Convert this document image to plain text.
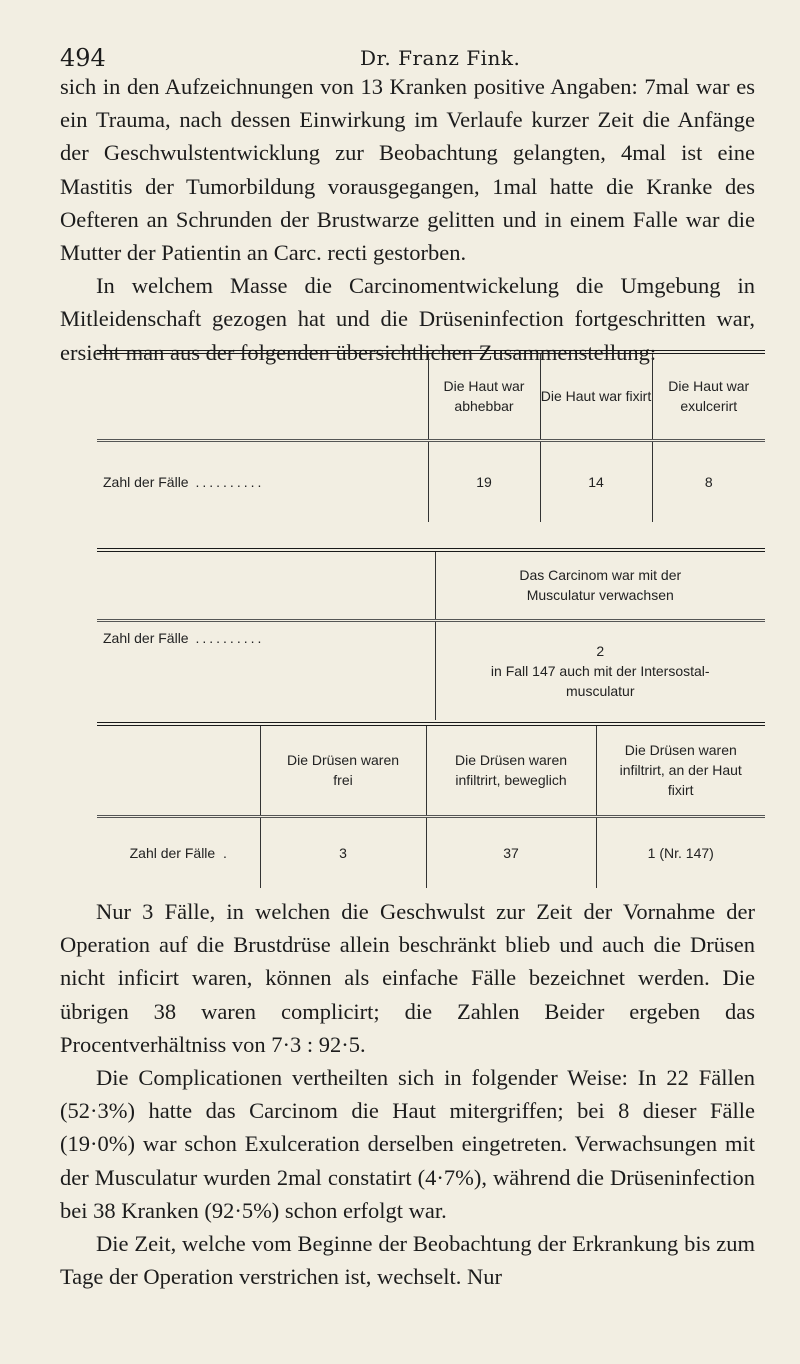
494	Dr. Franz Fink.

sich in den Aufzeichnungen von 13 Kranken positive Angaben: 7mal war es ein Trauma, nach dessen Einwirkung im Verlaufe kurzer Zeit die Anfänge der Geschwulstentwicklung zur Beobachtung gelangten, 4mal ist eine Mastitis der Tumorbildung vorausgegangen, 1mal hatte die Kranke des Oefteren an Schrunden der Brustwarze gelitten und in einem Falle war die Mutter der Patientin an Carc. recti gestorben.

In welchem Masse die Carcinomentwickelung die Umgebung in Mitleidenschaft gezogen hat und die Drüseninfection fortgeschritten war, ersieht man aus der folgenden übersichtlichen Zusammenstellung:

	Die Haut war abhebbar	Die Haut war fixirt	Die Haut war exulcerirt
Zahl der Fälle ..........	19	14	8
	Das Carcinom war mit der Musculatur verwachsen
Zahl der Fälle ..........	2
in Fall 147 auch mit der Intersostal-musculatur
	Die Drüsen waren frei	Die Drüsen waren infiltrirt, beweglich	Die Drüsen waren infiltrirt, an der Haut fixirt
Zahl der Fälle  .	3	37	1 (Nr. 147)

Nur 3 Fälle, in welchen die Geschwulst zur Zeit der Vornahme der Operation auf die Brustdrüse allein beschränkt blieb und auch die Drüsen nicht inficirt waren, können als einfache Fälle bezeichnet werden. Die übrigen 38 waren complicirt; die Zahlen Beider ergeben das Procentverhältniss von 7·3 : 92·5.

Die Complicationen vertheilten sich in folgender Weise: In 22 Fällen (52·3%) hatte das Carcinom die Haut mitergriffen; bei 8 dieser Fälle (19·0%) war schon Exulceration derselben eingetreten. Verwachsungen mit der Musculatur wurden 2mal constatirt (4·7%), während die Drüseninfection bei 38 Kranken (92·5%) schon erfolgt war.

Die Zeit, welche vom Beginne der Beobachtung der Erkrankung bis zum Tage der Operation verstrichen ist, wechselt. Nur
